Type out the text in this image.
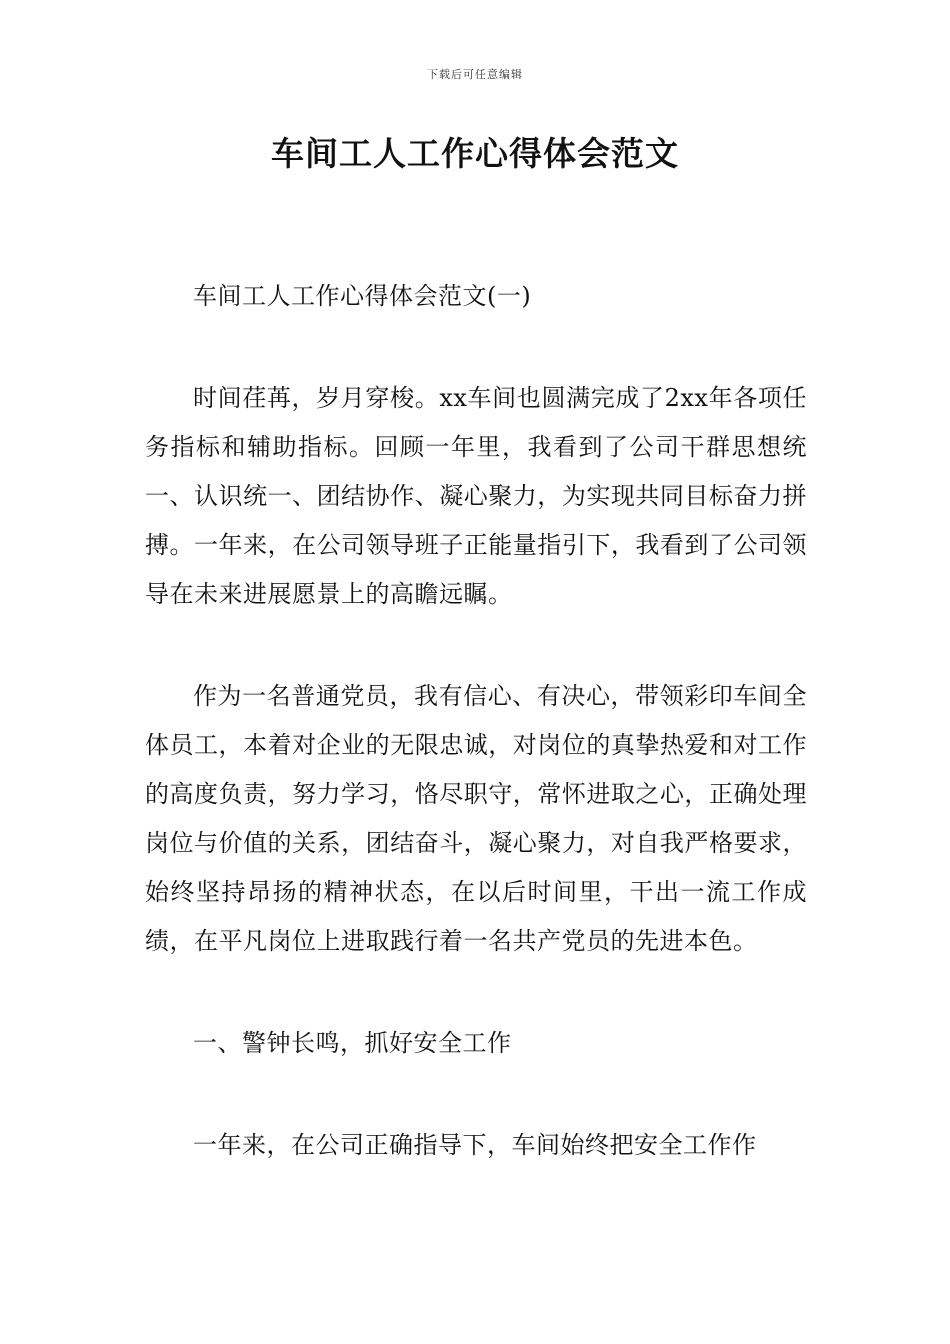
下载后可任意编辑
车间工人工作心得体会范文

车间工人工作心得体会范文(一)

时间荏苒，岁月穿梭。xx车间也圆满完成了2xx年各项任务指标和辅助指标。回顾一年里，我看到了公司干群思想统一、认识统一、团结协作、凝心聚力，为实现共同目标奋力拼搏。一年来，在公司领导班子正能量指引下，我看到了公司领导在未来进展愿景上的高瞻远瞩。

作为一名普通党员，我有信心、有决心，带领彩印车间全体员工，本着对企业的无限忠诚，对岗位的真挚热爱和对工作的高度负责，努力学习，恪尽职守，常怀进取之心，正确处理岗位与价值的关系，团结奋斗，凝心聚力，对自我严格要求，始终坚持昂扬的精神状态，在以后时间里，干出一流工作成绩，在平凡岗位上进取践行着一名共产党员的先进本色。

一、警钟长鸣，抓好安全工作

一年来，在公司正确指导下，车间始终把安全工作作
